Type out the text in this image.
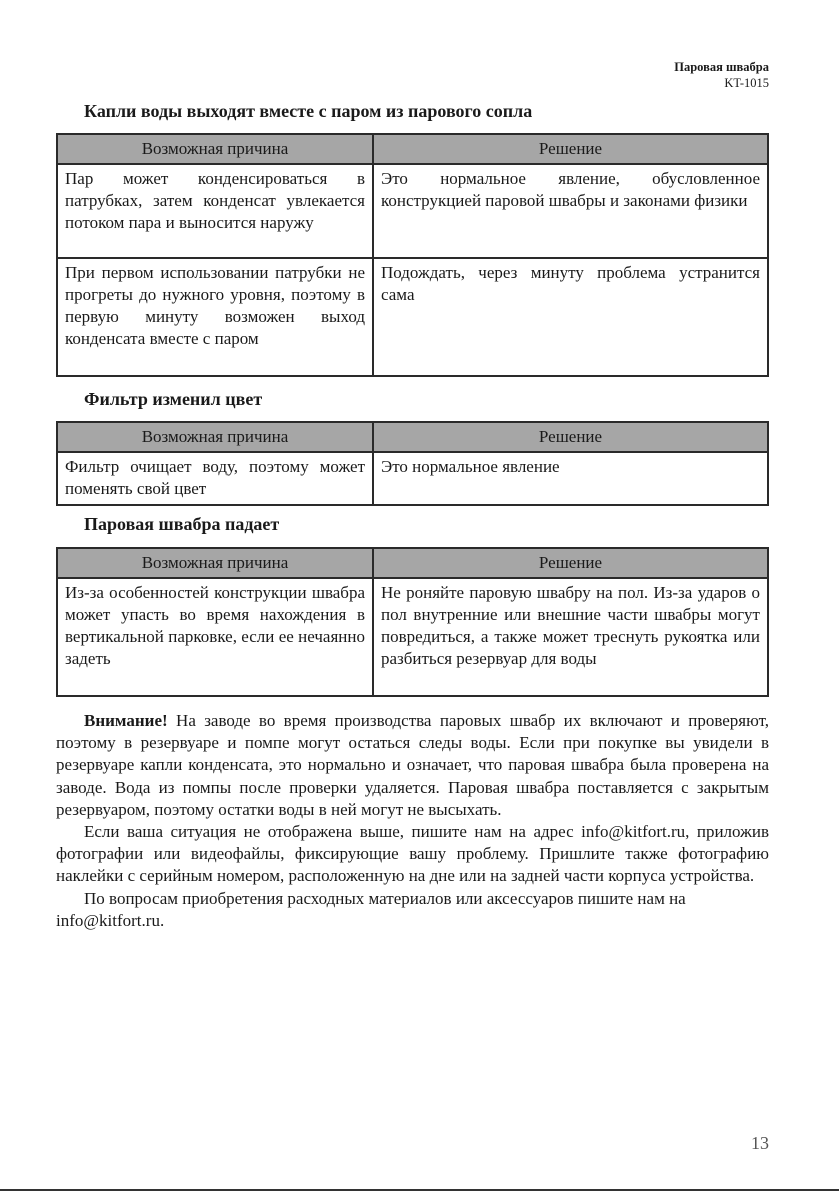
Паровая швабра
KT-1015
Капли воды выходят вместе с паром из парового сопла
Возможная причина	Решение
Пар может конденсироваться в патрубках, затем конденсат увлекается потоком пара и выносится наружу	Это нормальное явление, обусловленное конструкцией паровой швабры и законами физики
При первом использовании патрубки не прогреты до нужного уровня, поэтому в первую минуту возможен выход конденсата вместе с паром	Подождать, через минуту проблема устранится сама
Фильтр изменил цвет
Возможная причина	Решение
Фильтр очищает воду, поэтому может поменять свой цвет	Это нормальное явление
Паровая швабра падает
Возможная причина	Решение
Из-за особенностей конструкции швабра может упасть во время нахождения в вертикальной парковке, если ее нечаянно задеть	Не роняйте паровую швабру на пол. Из-за ударов о пол внутренние или внешние части швабры могут повредиться, а также может треснуть рукоятка или разбиться резервуар для воды

Внимание! На заводе во время производства паровых швабр их включают и проверяют, поэтому в резервуаре и помпе могут остаться следы воды. Если при покупке вы увидели в резервуаре капли конденсата, это нормально и означает, что паровая швабра была проверена на заводе. Вода из помпы после проверки удаляется. Паровая швабра поставляется с закрытым резервуаром, поэтому остатки воды в ней могут не высыхать.

Если ваша ситуация не отображена выше, пишите нам на адрес info@kitfort.ru, приложив фотографии или видеофайлы, фиксирующие вашу проблему. Пришлите также фотографию наклейки с серийным номером, расположенную на дне или на задней части корпуса устройства.

По вопросам приобретения расходных материалов или аксессуаров пишите нам на info@kitfort.ru.

13
